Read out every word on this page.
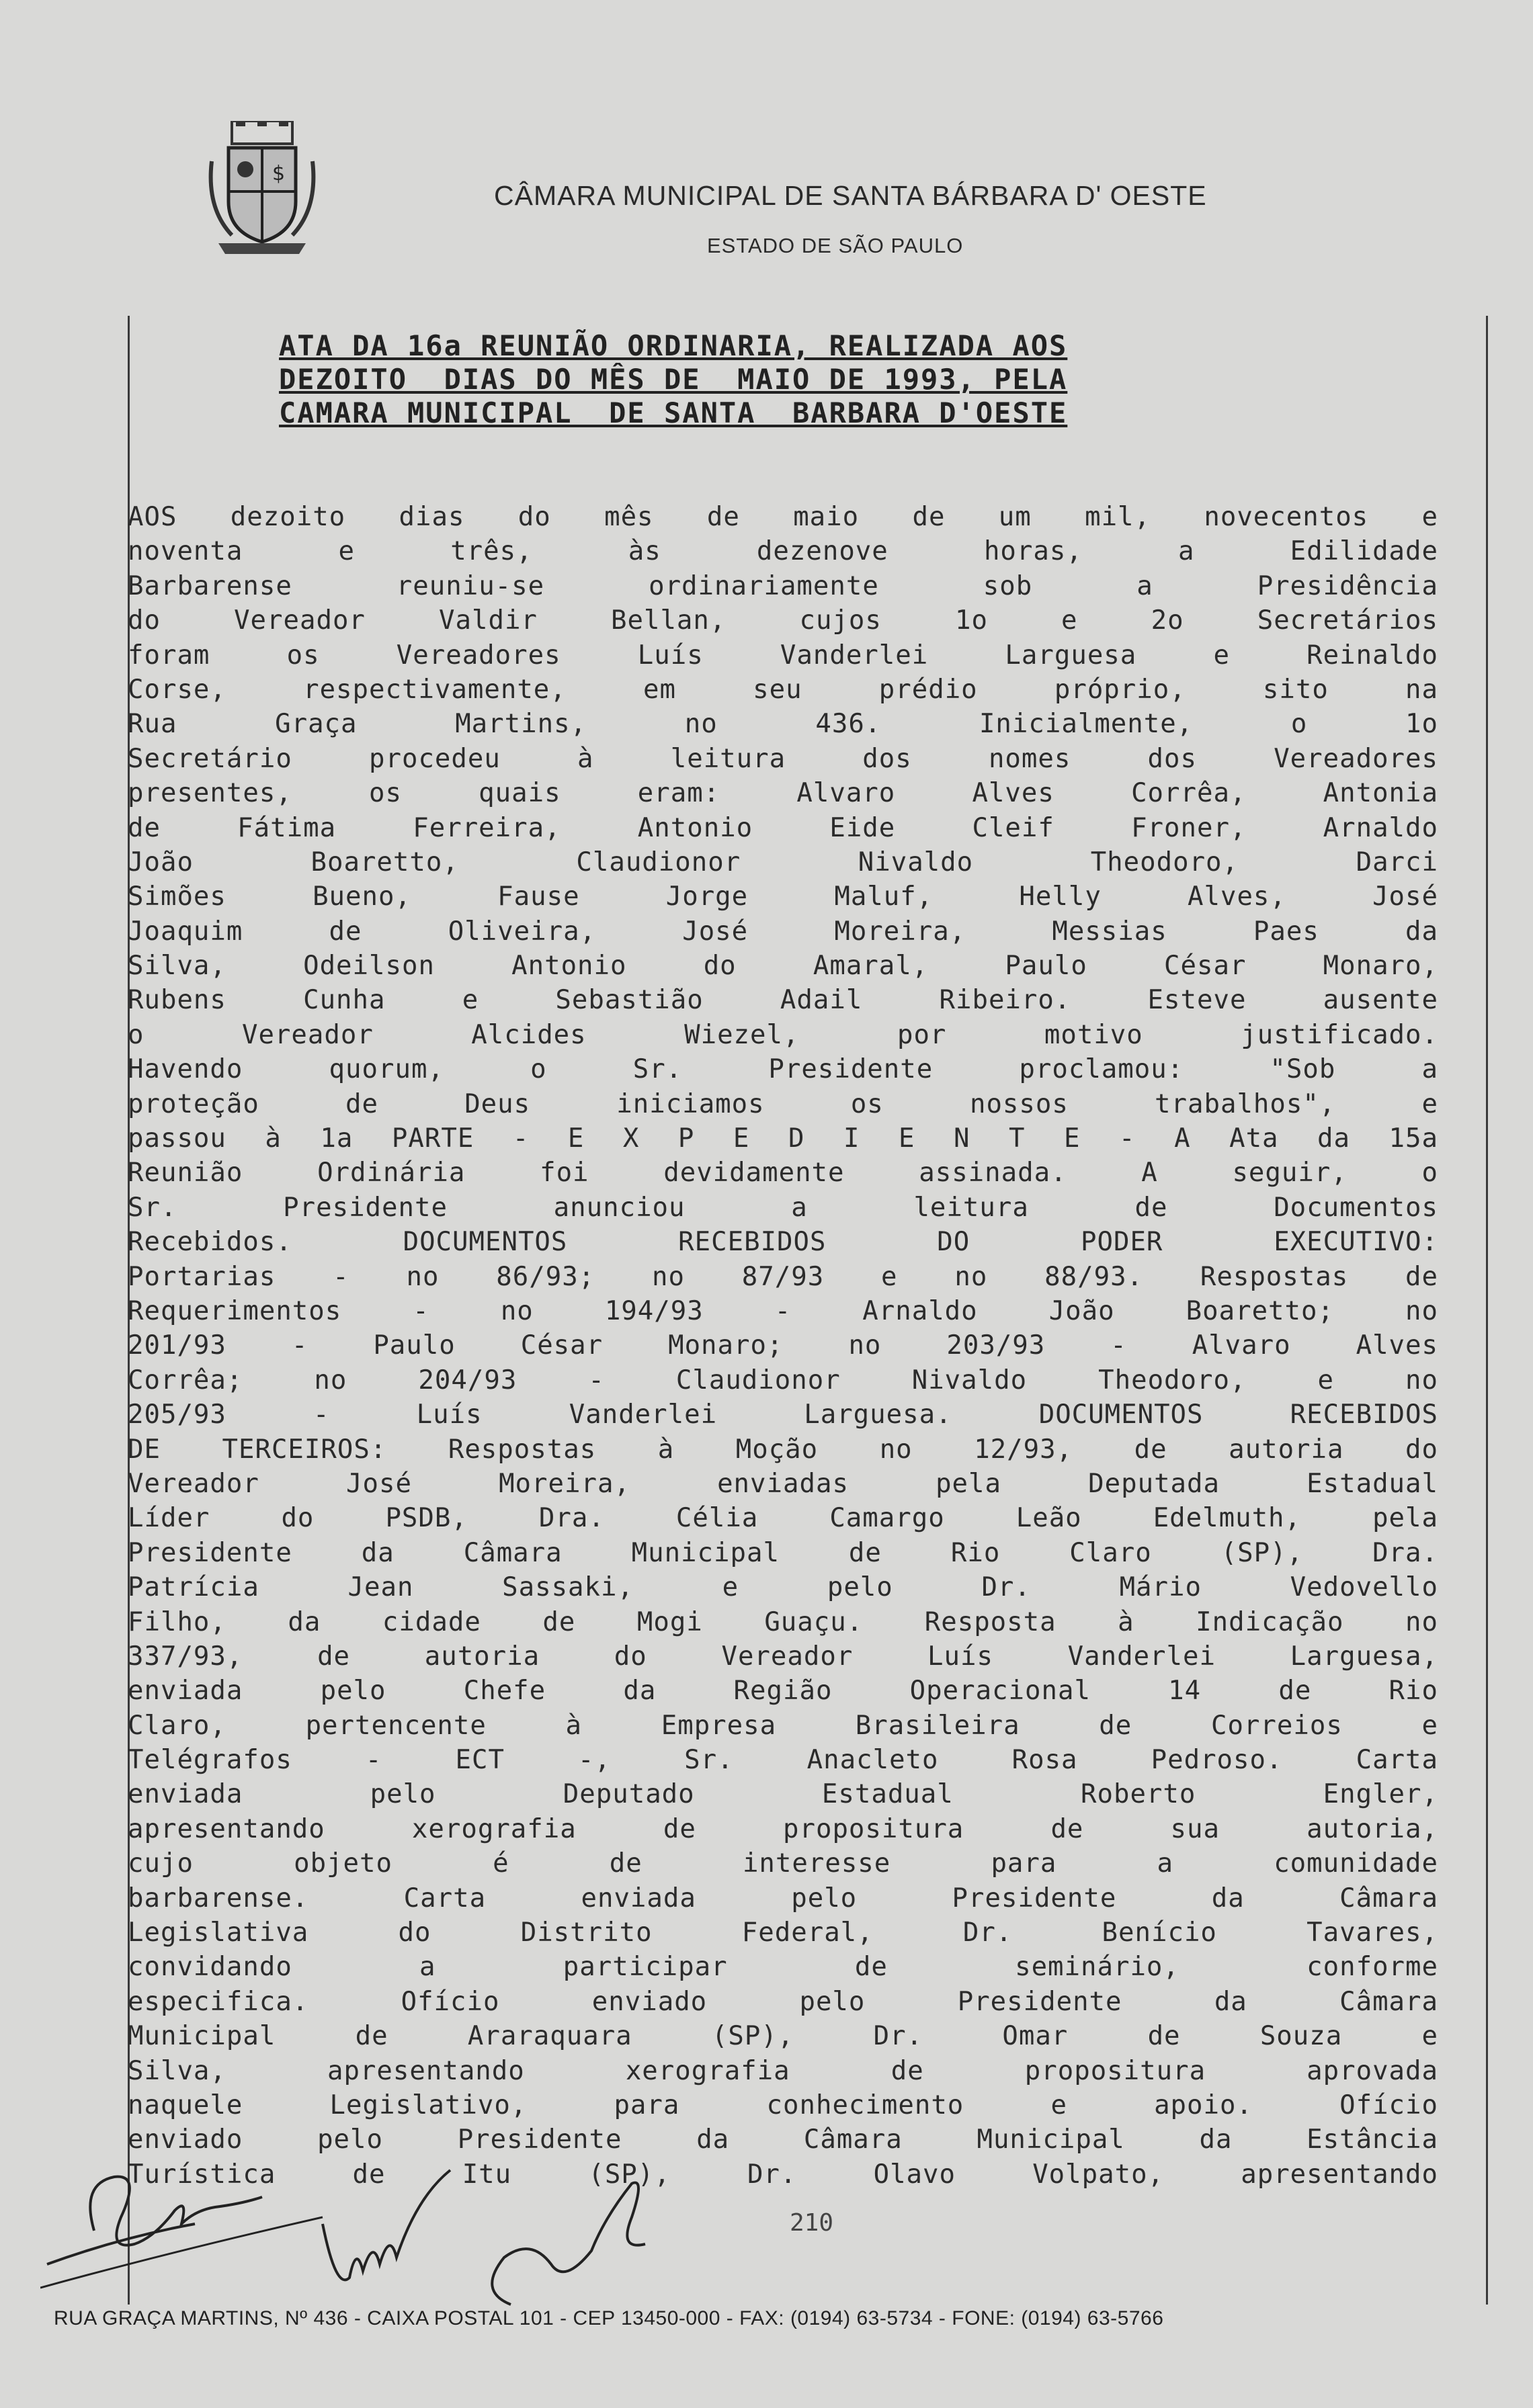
$
CÂMARA MUNICIPAL DE SANTA BÁRBARA D' OESTE
ESTADO DE SÃO PAULO
ATA DA 16a REUNIÃO ORDINARIA, REALIZADA AOS
DEZOITO  DIAS DO MÊS DE  MAIO DE 1993, PELA
CAMARA MUNICIPAL  DE SANTA  BARBARA D'OESTE
AOS dezoito dias do mês de maio de um mil, novecentos e
noventa e três, às dezenove horas, a Edilidade
Barbarense reuniu-se ordinariamente sob a Presidência
do Vereador Valdir Bellan, cujos 1o e 2o Secretários
foram os Vereadores Luís Vanderlei Larguesa e Reinaldo
Corse, respectivamente, em seu prédio próprio, sito na
Rua Graça Martins, no 436. Inicialmente, o 1o
Secretário procedeu à leitura dos nomes dos Vereadores
presentes, os quais eram: Alvaro Alves Corrêa, Antonia
de Fátima Ferreira, Antonio Eide Cleif Froner, Arnaldo
João Boaretto, Claudionor Nivaldo Theodoro, Darci
Simões Bueno, Fause Jorge Maluf, Helly Alves, José
Joaquim de Oliveira, José Moreira, Messias Paes da
Silva, Odeilson Antonio do Amaral, Paulo César Monaro,
Rubens Cunha e Sebastião Adail Ribeiro. Esteve ausente
o Vereador Alcides Wiezel, por motivo justificado.
Havendo quorum, o Sr. Presidente proclamou: "Sob a
proteção de Deus iniciamos os nossos trabalhos", e
passou à 1a PARTE - E X P E D I E N T E - A Ata da 15a
Reunião Ordinária foi devidamente assinada. A seguir, o
Sr. Presidente anunciou a leitura de Documentos
Recebidos. DOCUMENTOS RECEBIDOS DO PODER EXECUTIVO:
Portarias - no 86/93; no 87/93 e no 88/93. Respostas de
Requerimentos - no 194/93 - Arnaldo João Boaretto; no
201/93 - Paulo César Monaro; no 203/93 - Alvaro Alves
Corrêa; no 204/93 - Claudionor Nivaldo Theodoro, e no
205/93 - Luís Vanderlei Larguesa. DOCUMENTOS RECEBIDOS
DE TERCEIROS: Respostas à Moção no 12/93, de autoria do
Vereador José Moreira, enviadas pela Deputada Estadual
Líder do PSDB, Dra. Célia Camargo Leão Edelmuth, pela
Presidente da Câmara Municipal de Rio Claro (SP), Dra.
Patrícia Jean Sassaki, e pelo Dr. Mário Vedovello
Filho, da cidade de Mogi Guaçu. Resposta à Indicação no
337/93, de autoria do Vereador Luís Vanderlei Larguesa,
enviada pelo Chefe da Região Operacional 14 de Rio
Claro, pertencente à Empresa Brasileira de Correios e
Telégrafos - ECT -, Sr. Anacleto Rosa Pedroso. Carta
enviada pelo Deputado Estadual Roberto Engler,
apresentando xerografia de propositura de sua autoria,
cujo objeto é de interesse para a comunidade
barbarense. Carta enviada pelo Presidente da Câmara
Legislativa do Distrito Federal, Dr. Benício Tavares,
convidando a participar de seminário, conforme
especifica. Ofício enviado pelo Presidente da Câmara
Municipal de Araraquara (SP), Dr. Omar de Souza e
Silva, apresentando xerografia de propositura aprovada
naquele Legislativo, para conhecimento e apoio. Ofício
enviado pelo Presidente da Câmara Municipal da Estância
Turística de Itu (SP), Dr. Olavo Volpato, apresentando
210
RUA GRAÇA MARTINS, Nº 436 - CAIXA POSTAL 101 - CEP 13450-000 - FAX: (0194) 63-5734 - FONE: (0194) 63-5766
